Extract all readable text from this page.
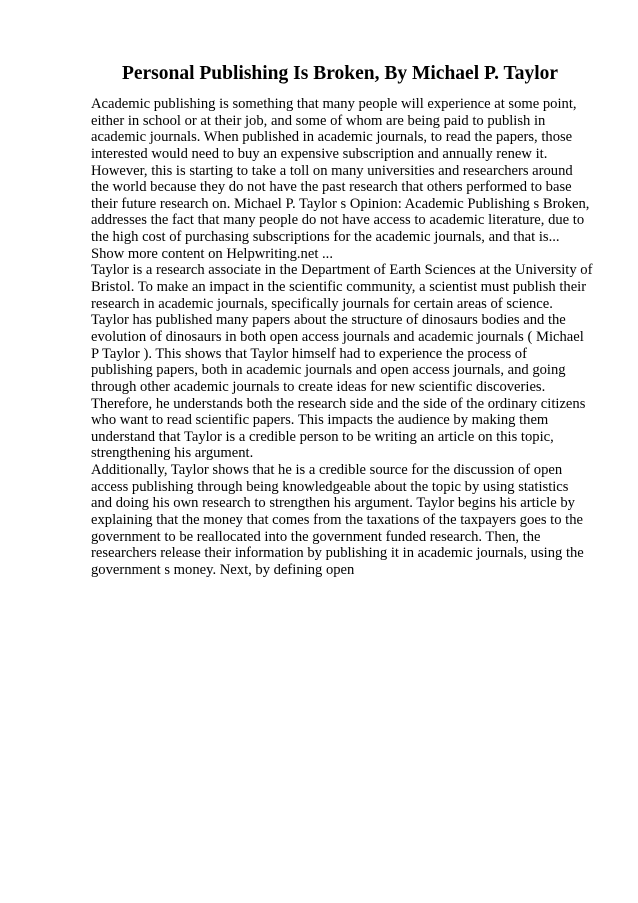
Personal Publishing Is Broken, By Michael P. Taylor
Academic publishing is something that many people will experience at some point,
either in school or at their job, and some of whom are being paid to publish in
academic journals. When published in academic journals, to read the papers, those
interested would need to buy an expensive subscription and annually renew it.
However, this is starting to take a toll on many universities and researchers around
the world because they do not have the past research that others performed to base
their future research on. Michael P. Taylor s Opinion: Academic Publishing s Broken,
addresses the fact that many people do not have access to academic literature, due to
the high cost of purchasing subscriptions for the academic journals, and that is...
Show more content on Helpwriting.net ...
Taylor is a research associate in the Department of Earth Sciences at the University of
Bristol. To make an impact in the scientific community, a scientist must publish their
research in academic journals, specifically journals for certain areas of science.
Taylor has published many papers about the structure of dinosaurs bodies and the
evolution of dinosaurs in both open access journals and academic journals ( Michael
P Taylor ). This shows that Taylor himself had to experience the process of
publishing papers, both in academic journals and open access journals, and going
through other academic journals to create ideas for new scientific discoveries.
Therefore, he understands both the research side and the side of the ordinary citizens
who want to read scientific papers. This impacts the audience by making them
understand that Taylor is a credible person to be writing an article on this topic,
strengthening his argument.
Additionally, Taylor shows that he is a credible source for the discussion of open
access publishing through being knowledgeable about the topic by using statistics
and doing his own research to strengthen his argument. Taylor begins his article by
explaining that the money that comes from the taxations of the taxpayers goes to the
government to be reallocated into the government funded research. Then, the
researchers release their information by publishing it in academic journals, using the
government s money. Next, by defining open
